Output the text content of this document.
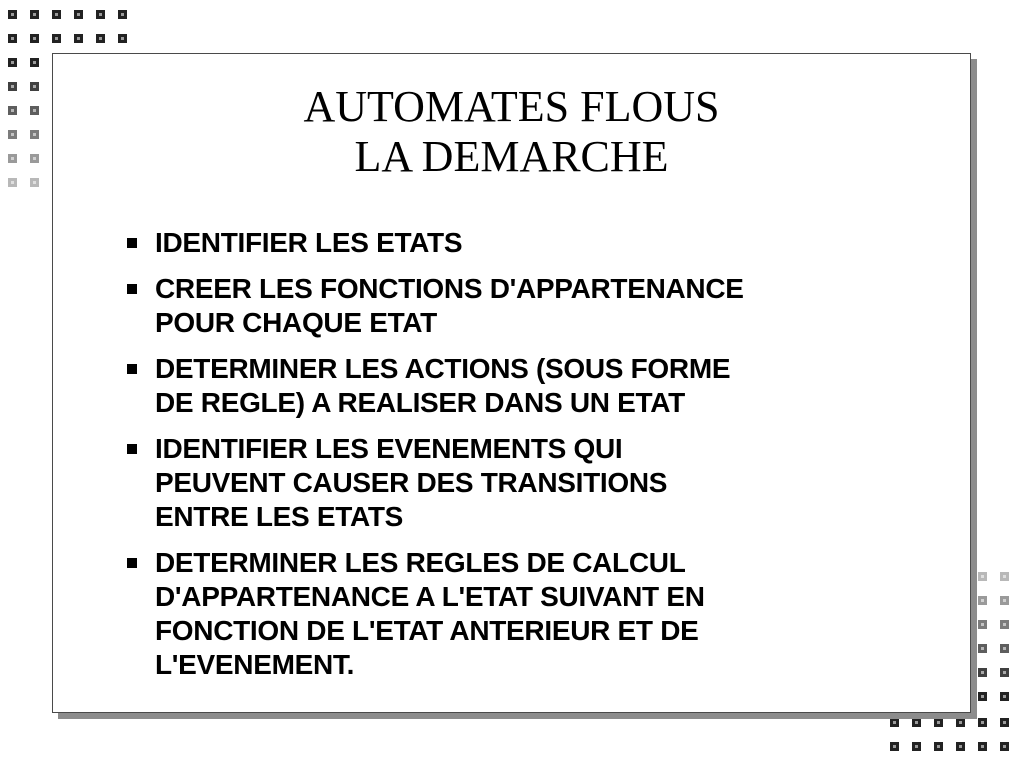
AUTOMATES FLOUS
LA DEMARCHE
IDENTIFIER LES ETATS
CREER LES FONCTIONS D'APPARTENANCE
POUR CHAQUE ETAT
DETERMINER LES ACTIONS (SOUS FORME
DE REGLE) A REALISER DANS UN ETAT
IDENTIFIER LES EVENEMENTS QUI
PEUVENT CAUSER DES TRANSITIONS
ENTRE LES ETATS
DETERMINER LES REGLES DE CALCUL
D'APPARTENANCE A L'ETAT SUIVANT EN
FONCTION DE L'ETAT ANTERIEUR ET DE
L'EVENEMENT.
